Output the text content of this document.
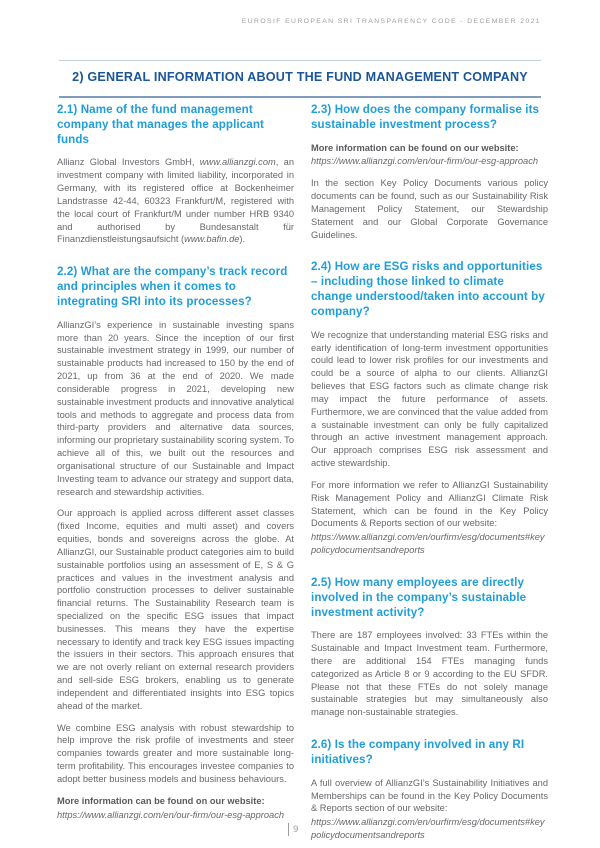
EUROSIF EUROPEAN SRI TRANSPARENCY CODE - DECEMBER 2021
2) GENERAL INFORMATION ABOUT THE FUND MANAGEMENT COMPANY
2.1) Name of the fund management company that manages the applicant funds

Allianz Global Investors GmbH, www.allianzgi.com, an investment company with limited liability, incorporated in Germany, with its registered office at Bockenheimer Landstrasse 42-44, 60323 Frankfurt/M, registered with the local court of Frankfurt/M under number HRB 9340 and authorised by Bundesanstalt für Finanzdienstleistungsaufsicht (www.bafin.de).

2.2) What are the company’s track record and principles when it comes to integrating SRI into its processes?

AllianzGI’s experience in sustainable investing spans more than 20 years. Since the inception of our first sustainable investment strategy in 1999, our number of sustainable products had increased to 150 by the end of 2021, up from 36 at the end of 2020. We made considerable progress in 2021, developing new sustainable investment products and innovative analytical tools and methods to aggregate and process data from third-party providers and alternative data sources, informing our proprietary sustainability scoring system. To achieve all of this, we built out the resources and organisational structure of our Sustainable and Impact Investing team to advance our strategy and support data, research and stewardship activities.

Our approach is applied across different asset classes (fixed Income, equities and multi asset) and covers equities, bonds and sovereigns across the globe. At AllianzGI, our Sustainable product categories aim to build sustainable portfolios using an assessment of E, S & G practices and values in the investment analysis and portfolio construction processes to deliver sustainable financial returns. The Sustainability Research team is specialized on the specific ESG issues that impact businesses. This means they have the expertise necessary to identify and track key ESG issues impacting the issuers in their sectors. This approach ensures that we are not overly reliant on external research providers and sell-side ESG brokers, enabling us to generate independent and differentiated insights into ESG topics ahead of the market.

We combine ESG analysis with robust stewardship to help improve the risk profile of investments and steer companies towards greater and more sustainable long-term profitability. This encourages investee companies to adopt better business models and business behaviours.

More information can be found on our website:

https://www.allianzgi.com/en/our-firm/our-esg-approach

2.3) How does the company formalise its sustainable investment process?

More information can be found on our website:

https://www.allianzgi.com/en/our-firm/our-esg-approach

In the section Key Policy Documents various policy documents can be found, such as our Sustainability Risk Management Policy Statement, our Stewardship Statement and our Global Corporate Governance Guidelines.

2.4) How are ESG risks and opportunities – including those linked to climate change understood/taken into account by company?

We recognize that understanding material ESG risks and early identification of long-term investment opportunities could lead to lower risk profiles for our investments and could be a source of alpha to our clients. AllianzGI believes that ESG factors such as climate change risk may impact the future performance of assets. Furthermore, we are convinced that the value added from a sustainable investment can only be fully capitalized through an active investment management approach. Our approach comprises ESG risk assessment and active stewardship.

For more information we refer to AllianzGI Sustainability Risk Management Policy and AllianzGI Climate Risk Statement, which can be found in the Key Policy Documents & Reports section of our website:

https://www.allianzgi.com/en/ourfirm/esg/documents#keypolicydocumentsandreports

2.5) How many employees are directly involved in the company’s sustainable investment activity?

There are 187 employees involved: 33 FTEs within the Sustainable and Impact Investment team. Furthermore, there are additional 154 FTEs managing funds categorized as Article 8 or 9 according to the EU SFDR. Please not that these FTEs do not solely manage sustainable strategies but may simultaneously also manage non-sustainable strategies.

2.6) Is the company involved in any RI initiatives?

A full overview of AllianzGI’s Sustainability Initiatives and Memberships can be found in the Key Policy Documents & Reports section of our website:

https://www.allianzgi.com/en/ourfirm/esg/documents#keypolicydocumentsandreports

9
